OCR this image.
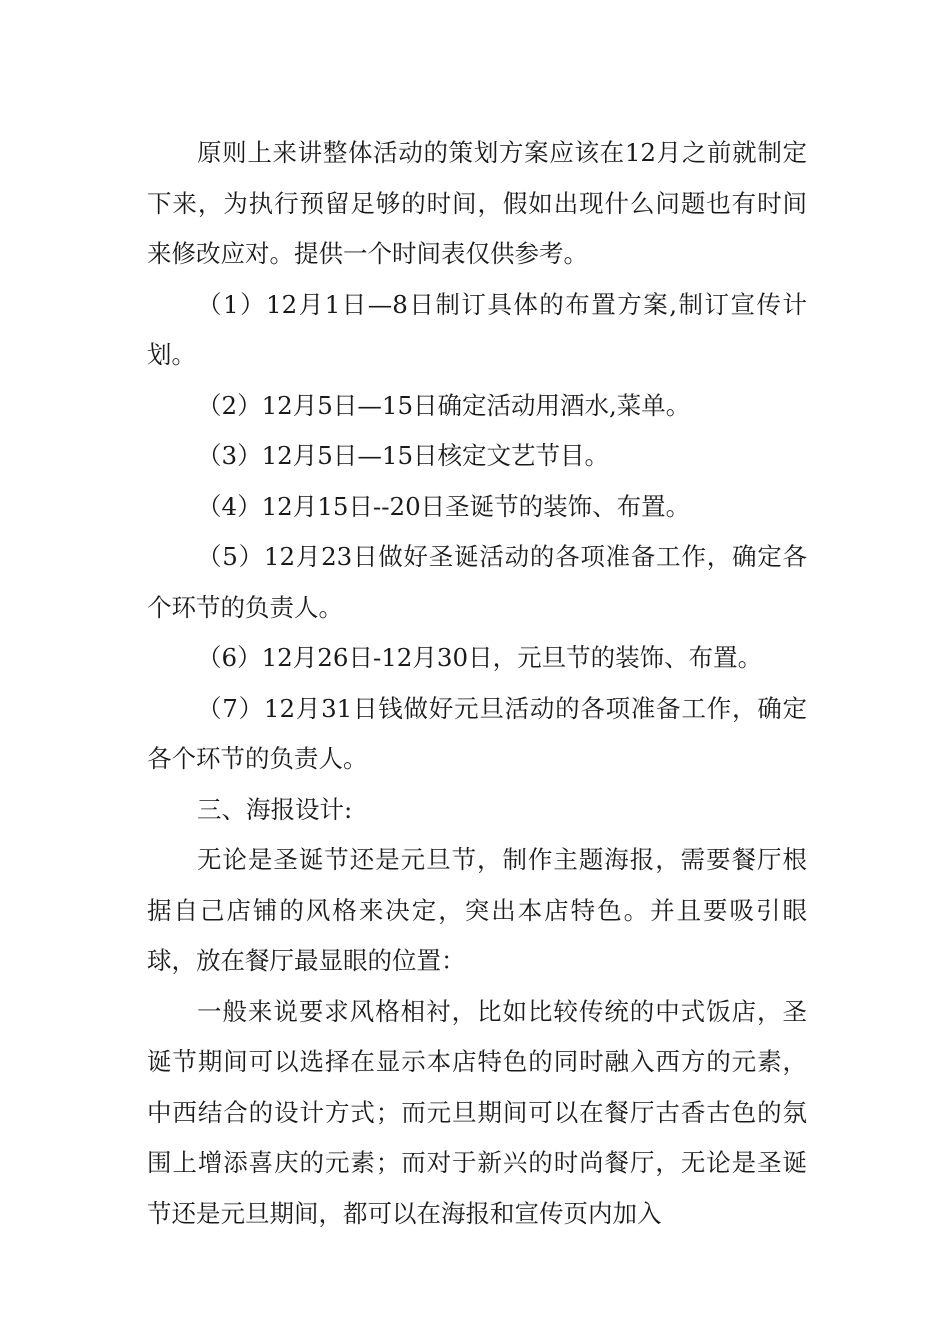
原则上来讲整体活动的策划方案应该在12月之前就制定下来，为执行预留足够的时间，假如出现什么问题也有时间来修改应对。提供一个时间表仅供参考。

（1）12月1日—8日制订具体的布置方案,制订宣传计划。

（2）12月5日—15日确定活动用酒水,菜单。

（3）12月5日—15日核定文艺节目。

（4）12月15日--20日圣诞节的装饰、布置。

（5）12月23日做好圣诞活动的各项准备工作，确定各个环节的负责人。

（6）12月26日-12月30日，元旦节的装饰、布置。

（7）12月31日钱做好元旦活动的各项准备工作，确定各个环节的负责人。

三、海报设计:

无论是圣诞节还是元旦节，制作主题海报，需要餐厅根据自己店铺的风格来决定，突出本店特色。并且要吸引眼球，放在餐厅最显眼的位置：

一般来说要求风格相衬，比如比较传统的中式饭店，圣诞节期间可以选择在显示本店特色的同时融入西方的元素，中西结合的设计方式；而元旦期间可以在餐厅古香古色的氛围上增添喜庆的元素；而对于新兴的时尚餐厅，无论是圣诞节还是元旦期间，都可以在海报和宣传页内加入
